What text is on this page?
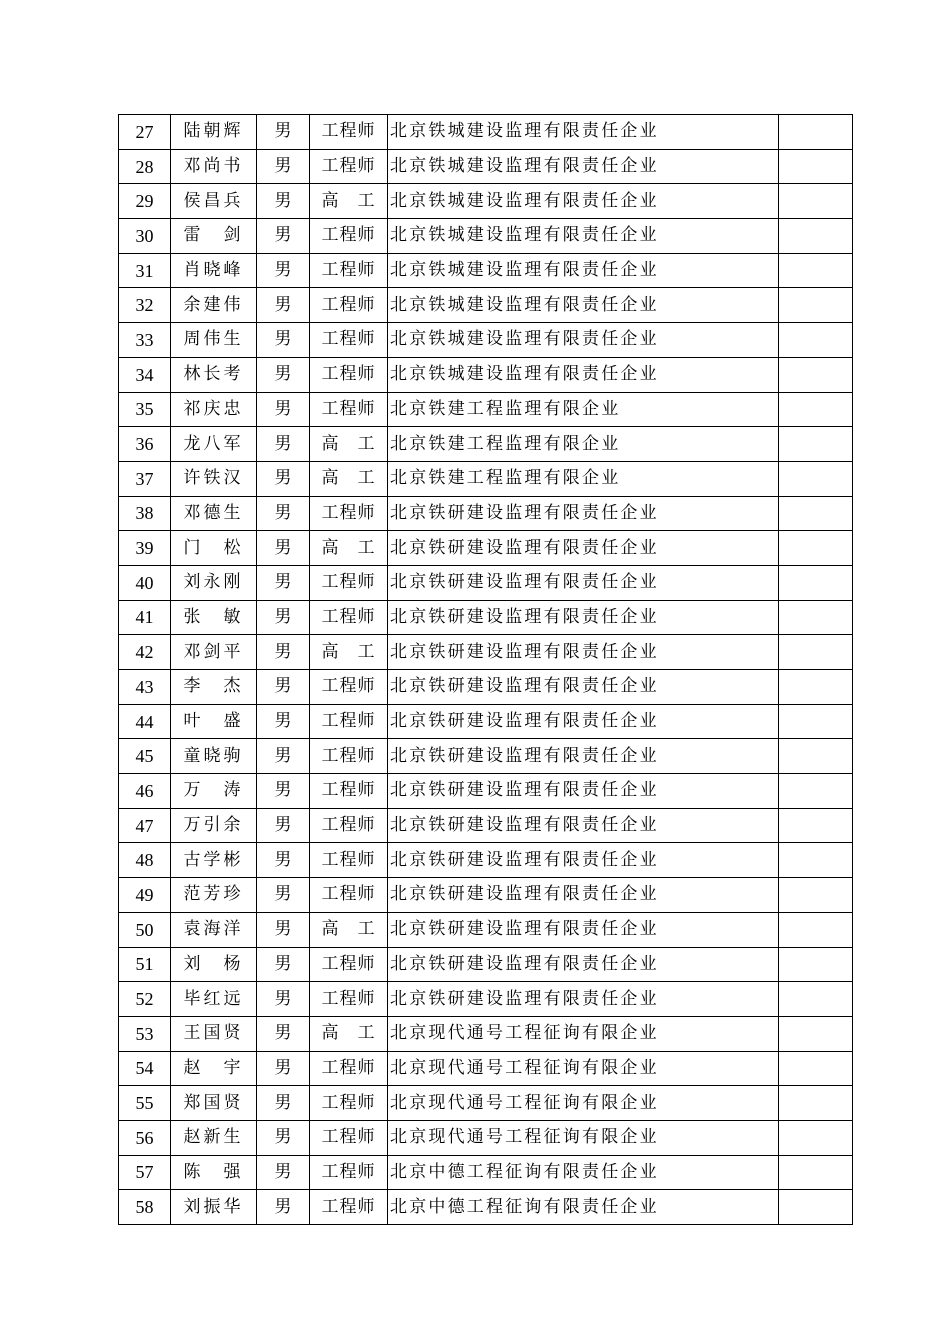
27	陆朝辉	男	工程师	北京铁城建设监理有限责任企业	
28	邓尚书	男	工程师	北京铁城建设监理有限责任企业	
29	侯昌兵	男	高　工	北京铁城建设监理有限责任企业	
30	雷　剑	男	工程师	北京铁城建设监理有限责任企业	
31	肖晓峰	男	工程师	北京铁城建设监理有限责任企业	
32	余建伟	男	工程师	北京铁城建设监理有限责任企业	
33	周伟生	男	工程师	北京铁城建设监理有限责任企业	
34	林长考	男	工程师	北京铁城建设监理有限责任企业	
35	祁庆忠	男	工程师	北京铁建工程监理有限企业	
36	龙八军	男	高　工	北京铁建工程监理有限企业	
37	许铁汉	男	高　工	北京铁建工程监理有限企业	
38	邓德生	男	工程师	北京铁研建设监理有限责任企业	
39	门　松	男	高　工	北京铁研建设监理有限责任企业	
40	刘永刚	男	工程师	北京铁研建设监理有限责任企业	
41	张　敏	男	工程师	北京铁研建设监理有限责任企业	
42	邓剑平	男	高　工	北京铁研建设监理有限责任企业	
43	李　杰	男	工程师	北京铁研建设监理有限责任企业	
44	叶　盛	男	工程师	北京铁研建设监理有限责任企业	
45	童晓驹	男	工程师	北京铁研建设监理有限责任企业	
46	万　涛	男	工程师	北京铁研建设监理有限责任企业	
47	万引余	男	工程师	北京铁研建设监理有限责任企业	
48	古学彬	男	工程师	北京铁研建设监理有限责任企业	
49	范芳珍	男	工程师	北京铁研建设监理有限责任企业	
50	袁海洋	男	高　工	北京铁研建设监理有限责任企业	
51	刘　杨	男	工程师	北京铁研建设监理有限责任企业	
52	毕红远	男	工程师	北京铁研建设监理有限责任企业	
53	王国贤	男	高　工	北京现代通号工程征询有限企业	
54	赵　宇	男	工程师	北京现代通号工程征询有限企业	
55	郑国贤	男	工程师	北京现代通号工程征询有限企业	
56	赵新生	男	工程师	北京现代通号工程征询有限企业	
57	陈　强	男	工程师	北京中德工程征询有限责任企业	
58	刘振华	男	工程师	北京中德工程征询有限责任企业	
